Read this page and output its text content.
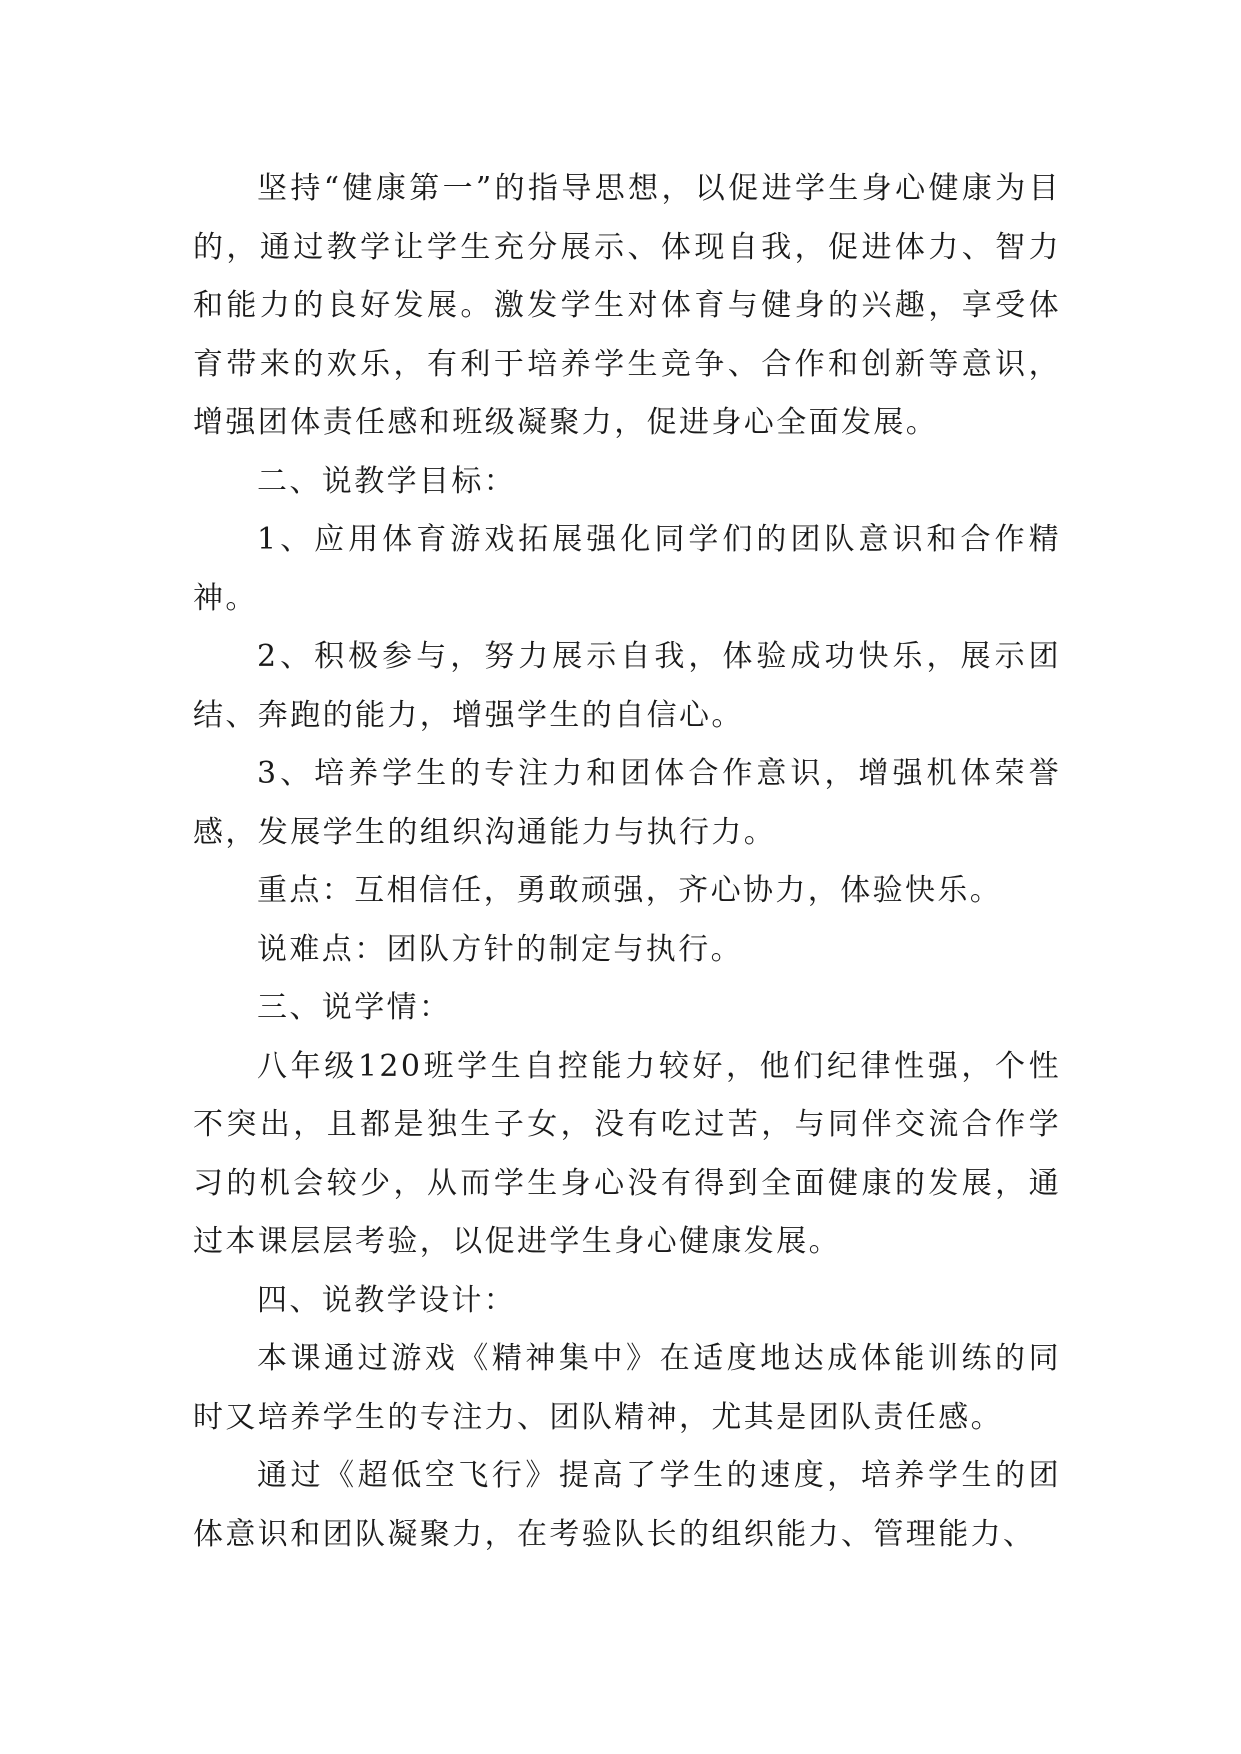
坚持“健康第一”的指导思想，以促进学生身心健康为目的，通过教学让学生充分展示、体现自我，促进体力、智力和能力的良好发展。激发学生对体育与健身的兴趣，享受体育带来的欢乐，有利于培养学生竞争、合作和创新等意识，增强团体责任感和班级凝聚力，促进身心全面发展。

二、说教学目标：

1、应用体育游戏拓展强化同学们的团队意识和合作精神。

2、积极参与，努力展示自我，体验成功快乐，展示团结、奔跑的能力，增强学生的自信心。

3、培养学生的专注力和团体合作意识，增强机体荣誉感，发展学生的组织沟通能力与执行力。

重点：互相信任，勇敢顽强，齐心协力，体验快乐。

说难点：团队方针的制定与执行。

三、说学情：

八年级120班学生自控能力较好，他们纪律性强，个性不突出，且都是独生子女，没有吃过苦，与同伴交流合作学习的机会较少，从而学生身心没有得到全面健康的发展，通过本课层层考验，以促进学生身心健康发展。

四、说教学设计：

本课通过游戏《精神集中》在适度地达成体能训练的同时又培养学生的专注力、团队精神，尤其是团队责任感。

通过《超低空飞行》提高了学生的速度，培养学生的团体意识和团队凝聚力，在考验队长的组织能力、管理能力、
